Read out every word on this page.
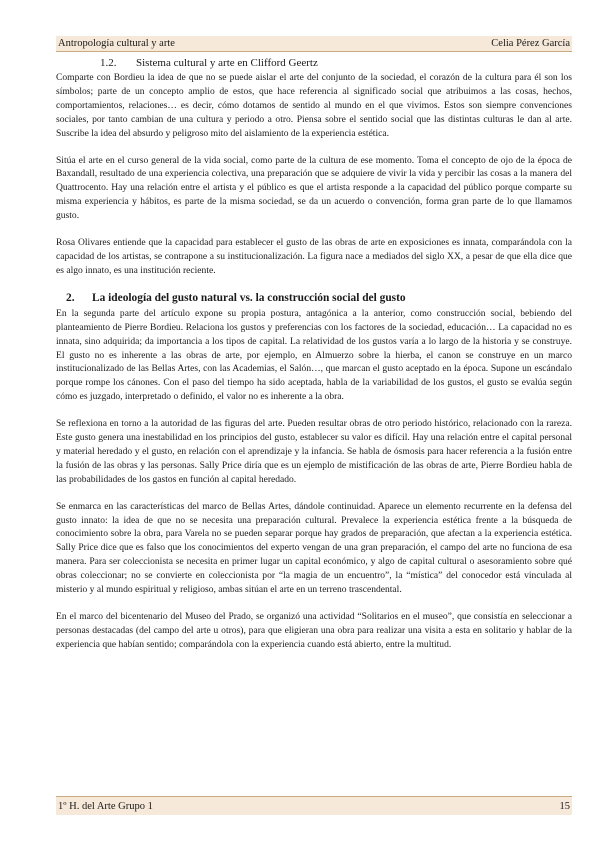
Antropología cultural y arte	Celia Pérez García
1.2. Sistema cultural y arte en Clifford Geertz

Comparte con Bordieu la idea de que no se puede aislar el arte del conjunto de la sociedad, el corazón de la cultura para él son los símbolos; parte de un concepto amplio de estos, que hace referencia al significado social que atribuimos a las cosas, hechos, comportamientos, relaciones… es decir, cómo dotamos de sentido al mundo en el que vivimos. Estos son siempre convenciones sociales, por tanto cambian de una cultura y periodo a otro. Piensa sobre el sentido social que las distintas culturas le dan al arte. Suscribe la idea del absurdo y peligroso mito del aislamiento de la experiencia estética.

Sitúa el arte en el curso general de la vida social, como parte de la cultura de ese momento. Toma el concepto de ojo de la época de Baxandall, resultado de una experiencia colectiva, una preparación que se adquiere de vivir la vida y percibir las cosas a la manera del Quattrocento. Hay una relación entre el artista y el público es que el artista responde a la capacidad del público porque comparte su misma experiencia y hábitos, es parte de la misma sociedad, se da un acuerdo o convención, forma gran parte de lo que llamamos gusto.

Rosa Olivares entiende que la capacidad para establecer el gusto de las obras de arte en exposiciones es innata, comparándola con la capacidad de los artistas, se contrapone a su institucionalización. La figura nace a mediados del siglo XX, a pesar de que ella dice que es algo innato, es una institución reciente.

2. La ideología del gusto natural vs. la construcción social del gusto

En la segunda parte del artículo expone su propia postura, antagónica a la anterior, como construcción social, bebiendo del planteamiento de Pierre Bordieu. Relaciona los gustos y preferencias con los factores de la sociedad, educación… La capacidad no es innata, sino adquirida; da importancia a los tipos de capital. La relatividad de los gustos varía a lo largo de la historia y se construye. El gusto no es inherente a las obras de arte, por ejemplo, en Almuerzo sobre la hierba, el canon se construye en un marco institucionalizado de las Bellas Artes, con las Academias, el Salón…, que marcan el gusto aceptado en la época. Supone un escándalo porque rompe los cánones. Con el paso del tiempo ha sido aceptada, habla de la variabilidad de los gustos, el gusto se evalúa según cómo es juzgado, interpretado o definido, el valor no es inherente a la obra.

Se reflexiona en torno a la autoridad de las figuras del arte. Pueden resultar obras de otro periodo histórico, relacionado con la rareza. Este gusto genera una inestabilidad en los principios del gusto, establecer su valor es difícil. Hay una relación entre el capital personal y material heredado y el gusto, en relación con el aprendizaje y la infancia. Se habla de ósmosis para hacer referencia a la fusión entre la fusión de las obras y las personas. Sally Price diría que es un ejemplo de mistificación de las obras de arte, Pierre Bordieu habla de las probabilidades de los gastos en función al capital heredado.

Se enmarca en las características del marco de Bellas Artes, dándole continuidad. Aparece un elemento recurrente en la defensa del gusto innato: la idea de que no se necesita una preparación cultural. Prevalece la experiencia estética frente a la búsqueda de conocimiento sobre la obra, para Varela no se pueden separar porque hay grados de preparación, que afectan a la experiencia estética. Sally Price dice que es falso que los conocimientos del experto vengan de una gran preparación, el campo del arte no funciona de esa manera. Para ser coleccionista se necesita en primer lugar un capital económico, y algo de capital cultural o asesoramiento sobre qué obras coleccionar; no se convierte en coleccionista por “la magia de un encuentro”, la “mística” del conocedor está vinculada al misterio y al mundo espiritual y religioso, ambas sitúan el arte en un terreno trascendental.

En el marco del bicentenario del Museo del Prado, se organizó una actividad “Solitarios en el museo”, que consistía en seleccionar a personas destacadas (del campo del arte u otros), para que eligieran una obra para realizar una visita a esta en solitario y hablar de la experiencia que habían sentido; comparándola con la experiencia cuando está abierto, entre la multitud.

1º H. del Arte Grupo 1	15
